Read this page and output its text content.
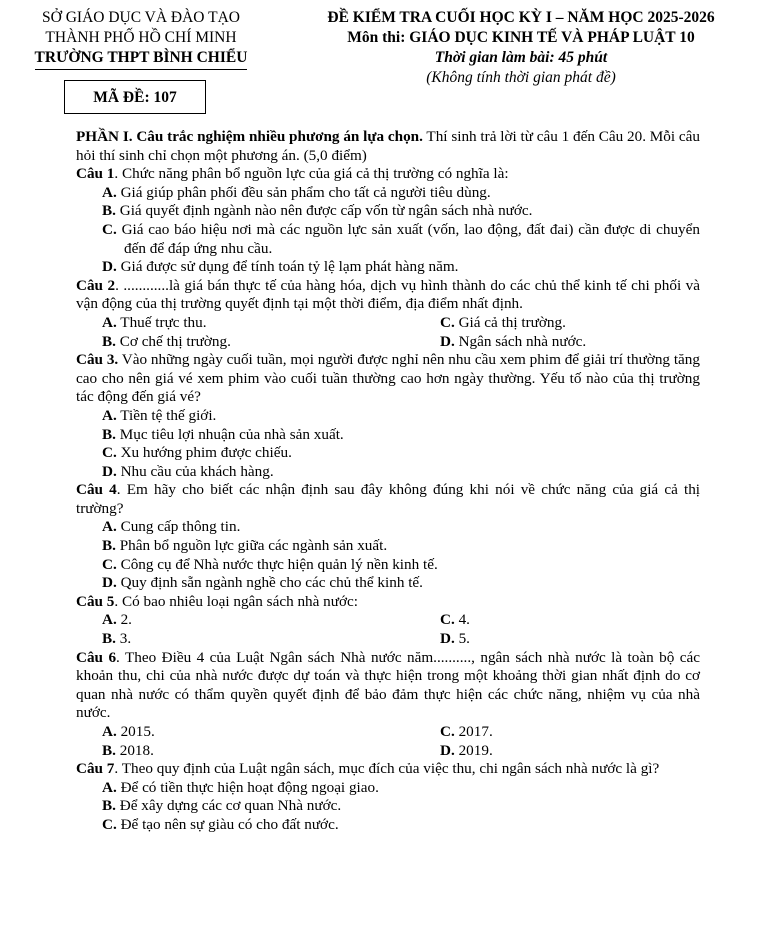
SỞ GIÁO DỤC VÀ ĐÀO TẠO
THÀNH PHỐ HỒ CHÍ MINH
TRƯỜNG THPT BÌNH CHIỂU
MÃ ĐỀ: 107
ĐỀ KIỂM TRA CUỐI HỌC KỲ I – NĂM HỌC 2025-2026
Môn thi: GIÁO DỤC KINH TẾ VÀ PHÁP LUẬT 10
Thời gian làm bài: 45 phút
(Không tính thời gian phát đề)

PHẦN I. Câu trắc nghiệm nhiều phương án lựa chọn. Thí sinh trả lời từ câu 1 đến Câu 20. Mỗi câu hỏi thí sinh chỉ chọn một phương án. (5,0 điểm)

Câu 1. Chức năng phân bổ nguồn lực của giá cả thị trường có nghĩa là:

A. Giá giúp phân phối đều sản phẩm cho tất cả người tiêu dùng.

B. Giá quyết định ngành nào nên được cấp vốn từ ngân sách nhà nước.

C. Giá cao báo hiệu nơi mà các nguồn lực sản xuất (vốn, lao động, đất đai) cần được di chuyển đến để đáp ứng nhu cầu.

D. Giá được sử dụng để tính toán tỷ lệ lạm phát hàng năm.

Câu 2. ............là giá bán thực tế của hàng hóa, dịch vụ hình thành do các chủ thể kinh tế chi phối và vận động của thị trường quyết định tại một thời điểm, địa điểm nhất định.

A. Thuế trực thu.	C. Giá cả thị trường.
B. Cơ chế thị trường.	D. Ngân sách nhà nước.

Câu 3. Vào những ngày cuối tuần, mọi người được nghỉ nên nhu cầu xem phim để giải trí thường tăng cao cho nên giá vé xem phim vào cuối tuần thường cao hơn ngày thường. Yếu tố nào của thị trường tác động đến giá vé?

A. Tiền tệ thế giới.

B. Mục tiêu lợi nhuận của nhà sản xuất.

C. Xu hướng phim được chiếu.

D. Nhu cầu của khách hàng.

Câu 4. Em hãy cho biết các nhận định sau đây không đúng khi nói về chức năng của giá cả thị trường?

A. Cung cấp thông tin.

B. Phân bổ nguồn lực giữa các ngành sản xuất.

C. Công cụ để Nhà nước thực hiện quản lý nền kinh tế.

D. Quy định sẵn ngành nghề cho các chủ thể kinh tế.

Câu 5. Có bao nhiêu loại ngân sách nhà nước:

A. 2.	C. 4.
B. 3.	D. 5.

Câu 6. Theo Điều 4 của Luật Ngân sách Nhà nước năm.........., ngân sách nhà nước là toàn bộ các khoản thu, chi của nhà nước được dự toán và thực hiện trong một khoảng thời gian nhất định do cơ quan nhà nước có thẩm quyền quyết định để bảo đảm thực hiện các chức năng, nhiệm vụ của nhà nước.

A. 2015.	C. 2017.
B. 2018.	D. 2019.

Câu 7. Theo quy định của Luật ngân sách, mục đích của việc thu, chi ngân sách nhà nước là gì?

A. Để có tiền thực hiện hoạt động ngoại giao.

B. Để xây dựng các cơ quan Nhà nước.

C. Để tạo nên sự giàu có cho đất nước.
